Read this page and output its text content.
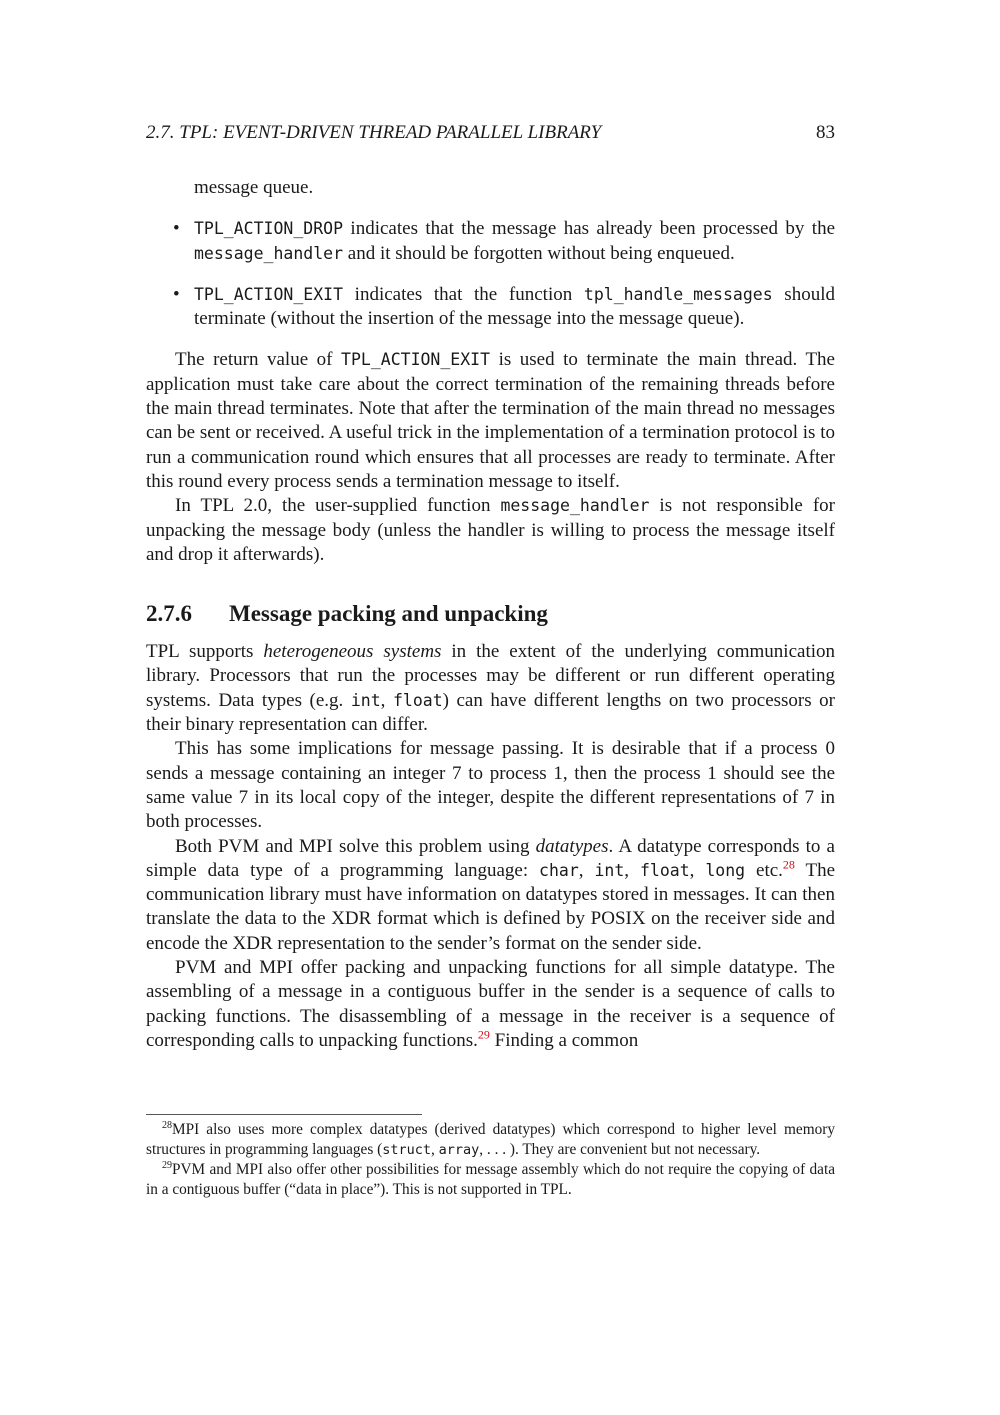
2.7. TPL: EVENT-DRIVEN THREAD PARALLEL LIBRARY	83

message queue.

• TPL_ACTION_DROP indicates that the message has already been processed by the message_handler and it should be forgotten without being enqueued.
• TPL_ACTION_EXIT indicates that the function tpl_handle_messages should terminate (without the insertion of the message into the message queue).

The return value of TPL_ACTION_EXIT is used to terminate the main thread. The application must take care about the correct termination of the remaining threads before the main thread terminates. Note that after the termination of the main thread no messages can be sent or received. A useful trick in the implementation of a termination protocol is to run a communication round which ensures that all processes are ready to terminate. After this round every process sends a termination message to itself.

In TPL 2.0, the user-supplied function message_handler is not responsible for unpacking the message body (unless the handler is willing to process the message itself and drop it afterwards).

2.7.6	Message packing and unpacking

TPL supports heterogeneous systems in the extent of the underlying communication library. Processors that run the processes may be different or run different operating systems. Data types (e.g. int, float) can have different lengths on two processors or their binary representation can differ.

This has some implications for message passing. It is desirable that if a process 0 sends a message containing an integer 7 to process 1, then the process 1 should see the same value 7 in its local copy of the integer, despite the different representations of 7 in both processes.

Both PVM and MPI solve this problem using datatypes. A datatype corresponds to a simple data type of a programming language: char, int, float, long etc.$^{28}$ The communication library must have information on datatypes stored in messages. It can then translate the data to the XDR format which is defined by POSIX on the receiver side and encode the XDR representation to the sender’s format on the sender side.

PVM and MPI offer packing and unpacking functions for all simple datatype. The assembling of a message in a contiguous buffer in the sender is a sequence of calls to packing functions. The disassembling of a message in the receiver is a sequence of corresponding calls to unpacking functions.$^{29}$ Finding a common

$^{28}$MPI also uses more complex datatypes (derived datatypes) which correspond to higher level memory structures in programming languages (struct, array, . . . ). They are convenient but not necessary.

$^{29}$PVM and MPI also offer other possibilities for message assembly which do not require the copying of data in a contiguous buffer (“data in place”). This is not supported in TPL.
